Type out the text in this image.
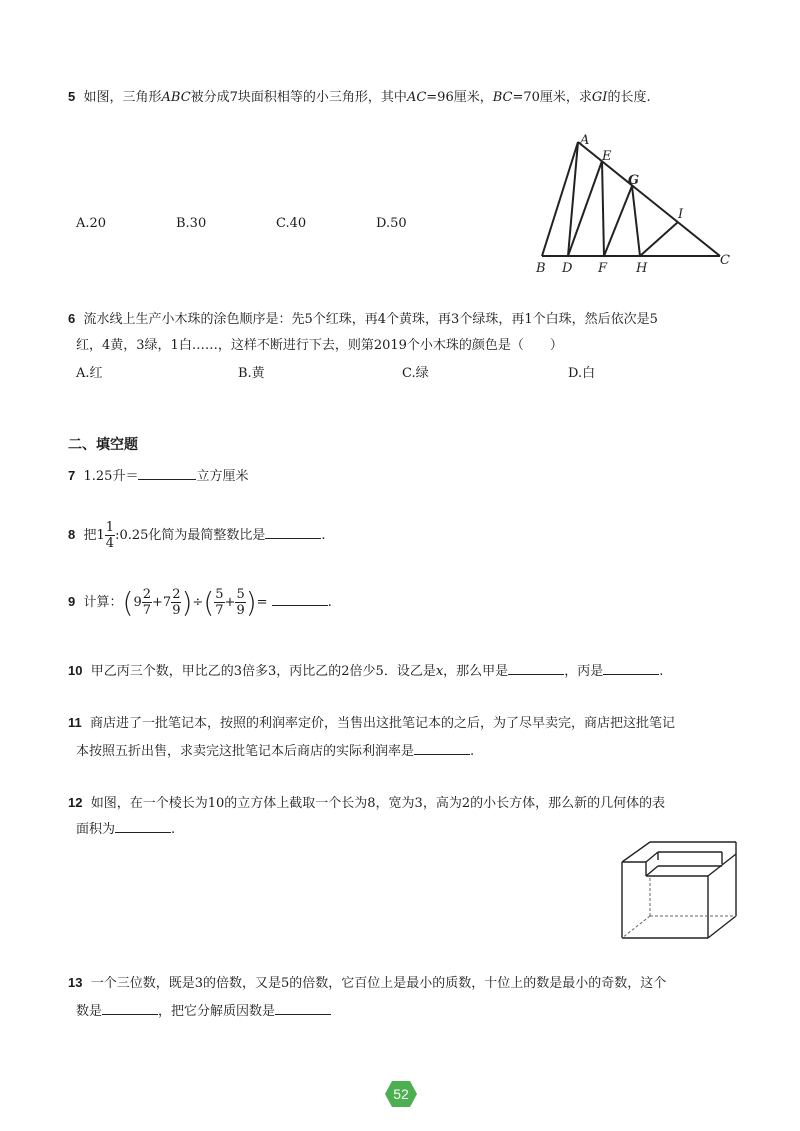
5 如图，三角形ABC被分成7块面积相等的小三角形，其中AC=96厘米，BC=70厘米，求GI的长度.
A.20	B.30	C.40	D.50
A
E
G
I
B D F H
C
6 流水线上生产小木珠的涂色顺序是：先5个红珠，再4个黄珠，再3个绿珠，再1个白珠，然后依次是5
红，4黄，3绿，1白……，这样不断进行下去，则第2019个小木珠的颜色是（　　）
A.红	B.黄	C.绿	D.白
二、填空题
7 1.25升＝	立方厘米
8 把$1 \frac{1}{4}$ :0.25化简为最简整数比是	.
9 计算：($9 \frac{2}{7} +7 \frac{2}{9}$ )÷( $\frac{5}{7} + \frac{5}{9}$ )=	.
10 甲乙丙三个数，甲比乙的3倍多3，丙比乙的2倍少5．设乙是x，那么甲是	，丙是	.
11 商店进了一批笔记本，按照的利润率定价，当售出这批笔记本的之后，为了尽早卖完，商店把这批笔记
本按照五折出售，求卖完这批笔记本后商店的实际利润率是	.
12 如图，在一个棱长为10的立方体上截取一个长为8，宽为3，高为2的小长方体，那么新的几何体的表
面积为	.
13 一个三位数，既是3的倍数，又是5的倍数，它百位上是最小的质数，十位上的数是最小的奇数，这个
数是	，把它分解质因数是
52
